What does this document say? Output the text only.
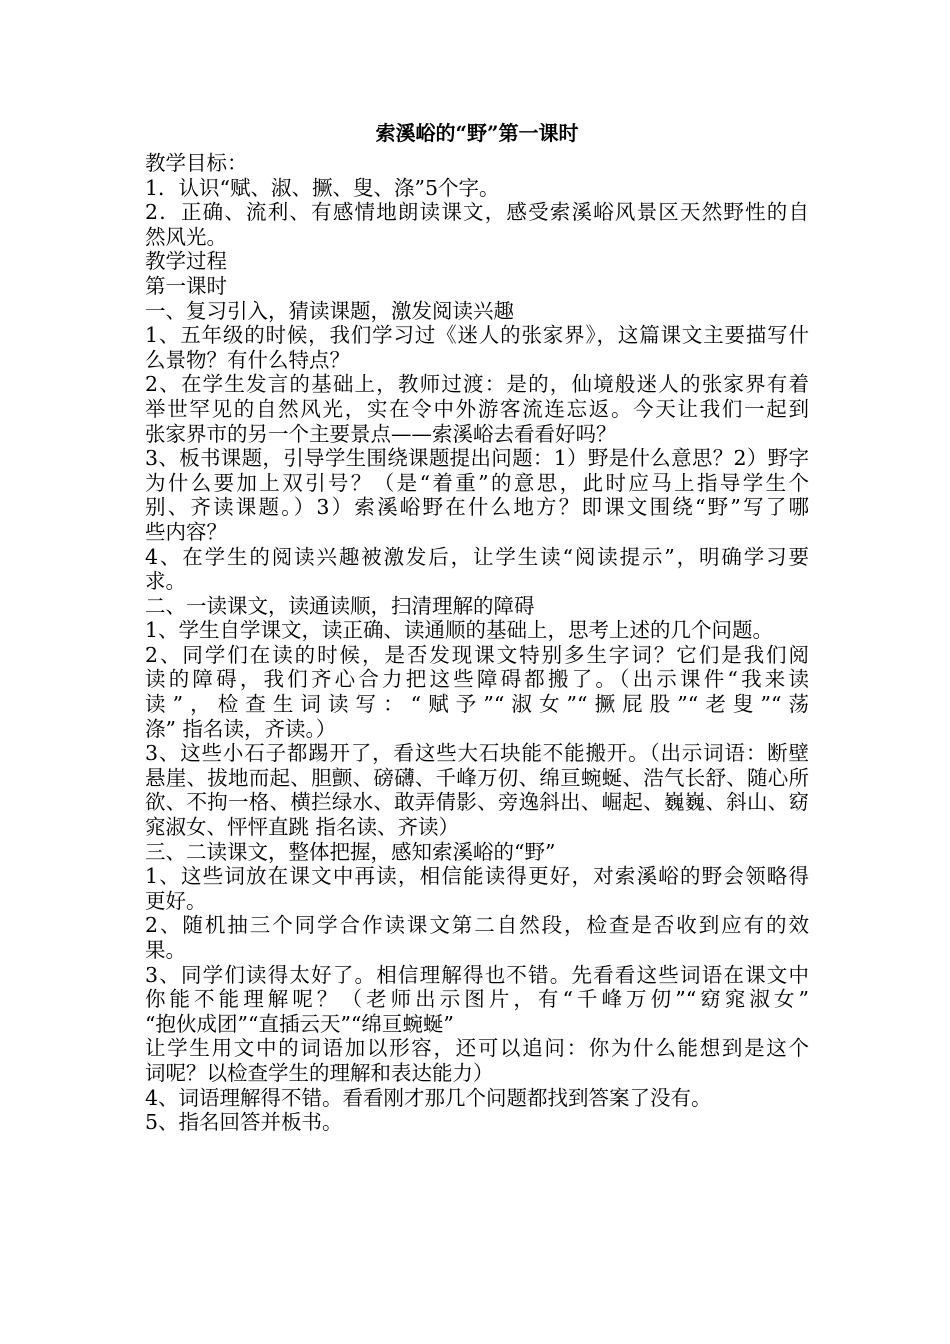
索溪峪的“野”第一课时
教学目标：
1．认识“赋、淑、撅、叟、涤”5个字。
2．正确、流利、有感情地朗读课文，感受索溪峪风景区天然野性的自
然风光。
教学过程
第一课时
一、复习引入，猜读课题，激发阅读兴趣
1、五年级的时候，我们学习过《迷人的张家界》，这篇课文主要描写什
么景物？有什么特点？
2、在学生发言的基础上，教师过渡：是的，仙境般迷人的张家界有着
举世罕见的自然风光，实在令中外游客流连忘返。今天让我们一起到
张家界市的另一个主要景点——索溪峪去看看好吗？
3、板书课题，引导学生围绕课题提出问题：1）野是什么意思？2）野字
为什么要加上双引号？（是“着重”的意思，此时应马上指导学生个
别、齐读课题。）3）索溪峪野在什么地方？即课文围绕“野”写了哪
些内容？
4、在学生的阅读兴趣被激发后，让学生读“阅读提示”，明确学习要
求。
二、一读课文，读通读顺，扫清理解的障碍
1、学生自学课文，读正确、读通顺的基础上，思考上述的几个问题。
2、同学们在读的时候，是否发现课文特别多生字词？它们是我们阅
读的障碍，我们齐心合力把这些障碍都搬了。（出示课件“我来读
读”，检查生词读写：“赋予”“淑女”“撅屁股”“老叟”“荡
涤” 指名读，齐读。）
3、这些小石子都踢开了，看这些大石块能不能搬开。（出示词语：断壁
悬崖、拔地而起、胆颤、磅礴、千峰万仞、绵亘蜿蜒、浩气长舒、随心所
欲、不拘一格、横拦绿水、敢弄倩影、旁逸斜出、崛起、巍巍、斜山、窈
窕淑女、怦怦直跳 指名读、齐读）
三、二读课文，整体把握，感知索溪峪的“野”
1、这些词放在课文中再读，相信能读得更好，对索溪峪的野会领略得
更好。
2、随机抽三个同学合作读课文第二自然段，检查是否收到应有的效
果。
3、同学们读得太好了。相信理解得也不错。先看看这些词语在课文中
你能不能理解呢？（老师出示图片，有“千峰万仞”“窈窕淑女”
“抱伙成团”“直插云天”“绵亘蜿蜒”
让学生用文中的词语加以形容，还可以追问：你为什么能想到是这个
词呢？以检查学生的理解和表达能力）
4、词语理解得不错。看看刚才那几个问题都找到答案了没有。
5、指名回答并板书。
